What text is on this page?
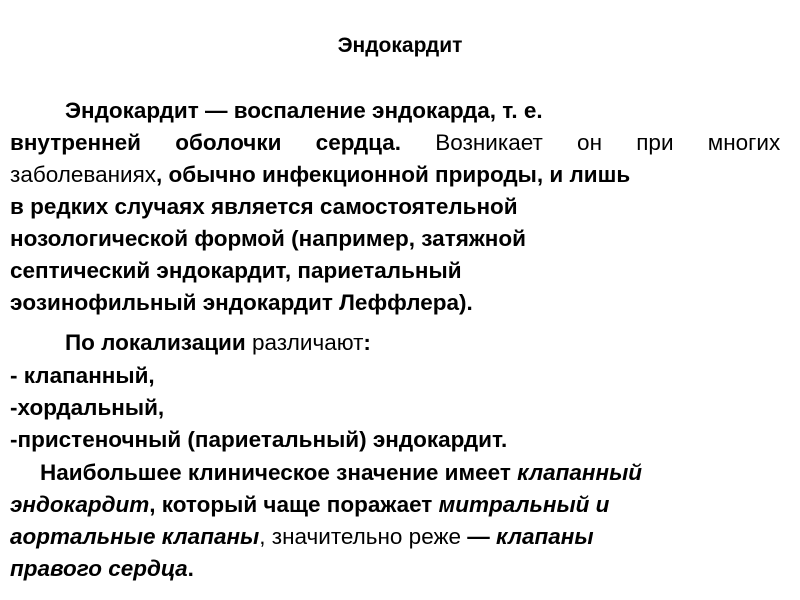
Эндокардит
Эндокардит — воспаление эндокарда, т. е.
внутренней оболочки сердца. Возникает он при многих
заболеваниях, обычно инфекционной природы, и лишь
в редких случаях является самостоятельной
нозологической формой (например, затяжной
септический эндокардит, париетальный
эозинофильный эндокардит Леффлера).
По локализации различают:
- клапанный,
-хордальный,
-пристеночный (париетальный) эндокардит.
Наибольшее клиническое значение имеет клапанный
эндокардит, который чаще поражает митральный и
аортальные клапаны, значительно реже — клапаны
правого сердца.
